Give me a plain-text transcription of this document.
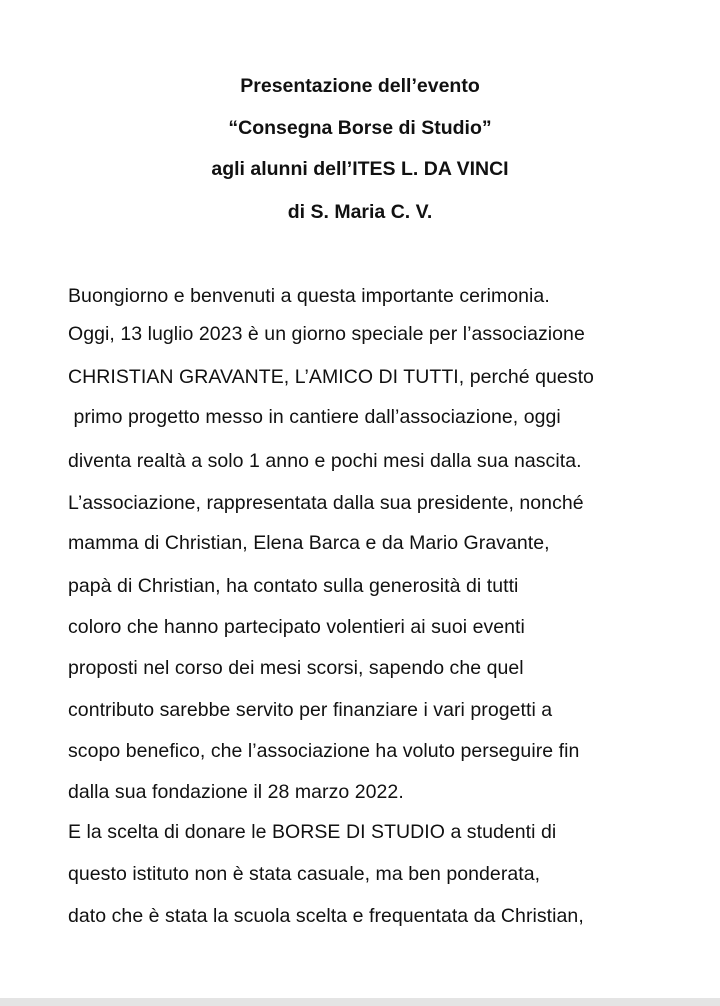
Presentazione dell’evento
“Consegna Borse di Studio”
agli alunni dell’ITES L. DA VINCI
di S. Maria C. V.
Buongiorno e benvenuti a questa importante cerimonia.
Oggi, 13 luglio 2023 è un giorno speciale per l’associazione
CHRISTIAN GRAVANTE, L’AMICO DI TUTTI, perché questo
primo progetto messo in cantiere dall’associazione, oggi
diventa realtà a solo 1 anno e pochi mesi dalla sua nascita.
L’associazione, rappresentata dalla sua presidente, nonché
mamma di Christian, Elena Barca e da Mario Gravante,
papà di Christian, ha contato sulla generosità di tutti
coloro che hanno partecipato volentieri ai suoi eventi
proposti nel corso dei mesi scorsi, sapendo che quel
contributo sarebbe servito per finanziare i vari progetti a
scopo benefico, che l’associazione ha voluto perseguire fin
dalla sua fondazione il 28 marzo 2022.
E la scelta di donare le BORSE DI STUDIO a studenti di
questo istituto non è stata casuale, ma ben ponderata,
dato che è stata la scuola scelta e frequentata da Christian,
